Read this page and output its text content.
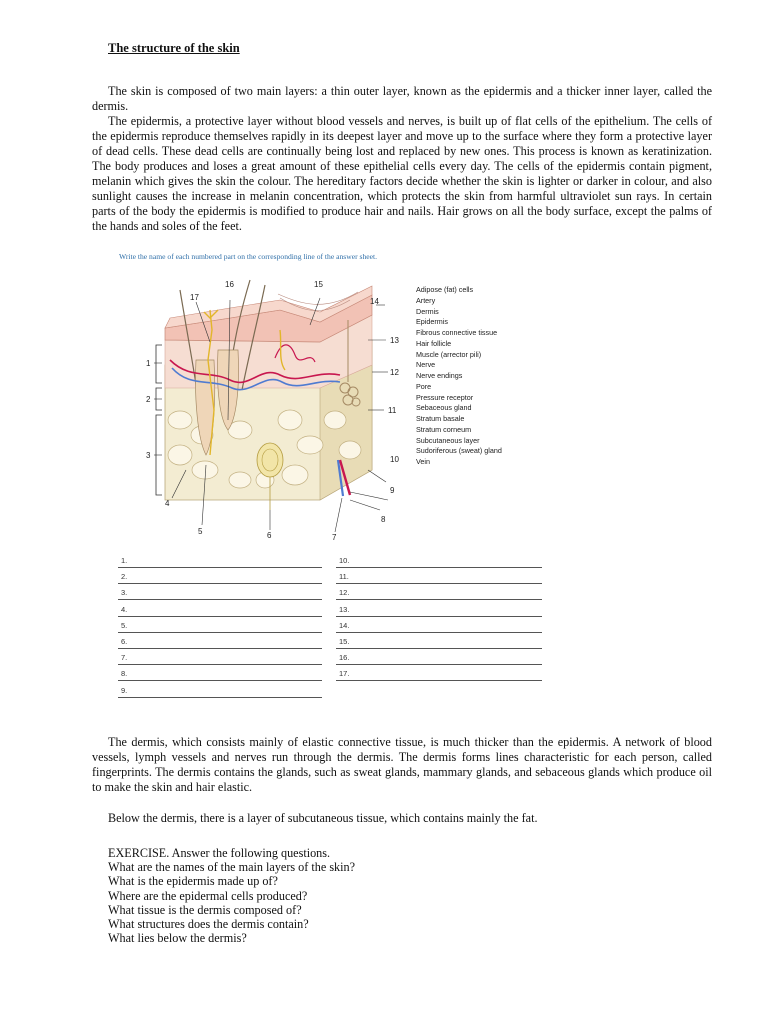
The structure of the skin

The skin is composed of two main layers: a thin outer layer, known as the epidermis and a thicker inner layer, called the dermis.

The epidermis, a protective layer without blood vessels and nerves, is built up of flat cells of the epithelium. The cells of the epidermis reproduce themselves rapidly in its deepest layer and move up to the surface where they form a protective layer of dead cells. These dead cells are continually being lost and replaced by new ones. This process is known as keratinization. The body produces and loses a great amount of these epithelial cells every day. The cells of the epidermis contain pigment, melanin which gives the skin the colour. The hereditary factors decide whether the skin is lighter or darker in colour, and also sunlight causes the increase in melanin concentration, which protects the skin from harmful ultraviolet sun rays. In certain parts of the body the epidermis is modified to produce hair and nails. Hair grows on all the body surface, except the palms of the hands and soles of the feet.

Write the name of each numbered part on the corresponding line of the answer sheet.

1
2
3
4
5	6	7
8
9
10
11
12
13
14
15
16
17
Adipose (fat) cells
Artery
Dermis
Epidermis
Fibrous connective tissue
Hair follicle
Muscle (arrector pili)
Nerve
Nerve endings
Pore
Pressure receptor
Sebaceous gland
Stratum basale
Stratum corneum
Subcutaneous layer
Sudoriferous (sweat) gland
Vein
1.
2.
3.
4.
5.
6.
7.
8.
9.
10.
11.
12.
13.
14.
15.
16.
17.

The dermis, which consists mainly of elastic connective tissue, is much thicker than the epidermis. A network of blood vessels, lymph vessels and nerves run through the dermis. The dermis forms lines characteristic for each person, called fingerprints. The dermis contains the glands, such as sweat glands, mammary glands, and sebaceous glands which produce oil to make the skin and hair elastic.

Below the dermis, there is a layer of subcutaneous tissue, which contains mainly the fat.

EXERCISE. Answer the following questions.
What are the names of the main layers of the skin?
What is the epidermis made up of?
Where are the epidermal cells produced?
What tissue is the dermis composed of?
What structures does the dermis contain?
What lies below the dermis?
